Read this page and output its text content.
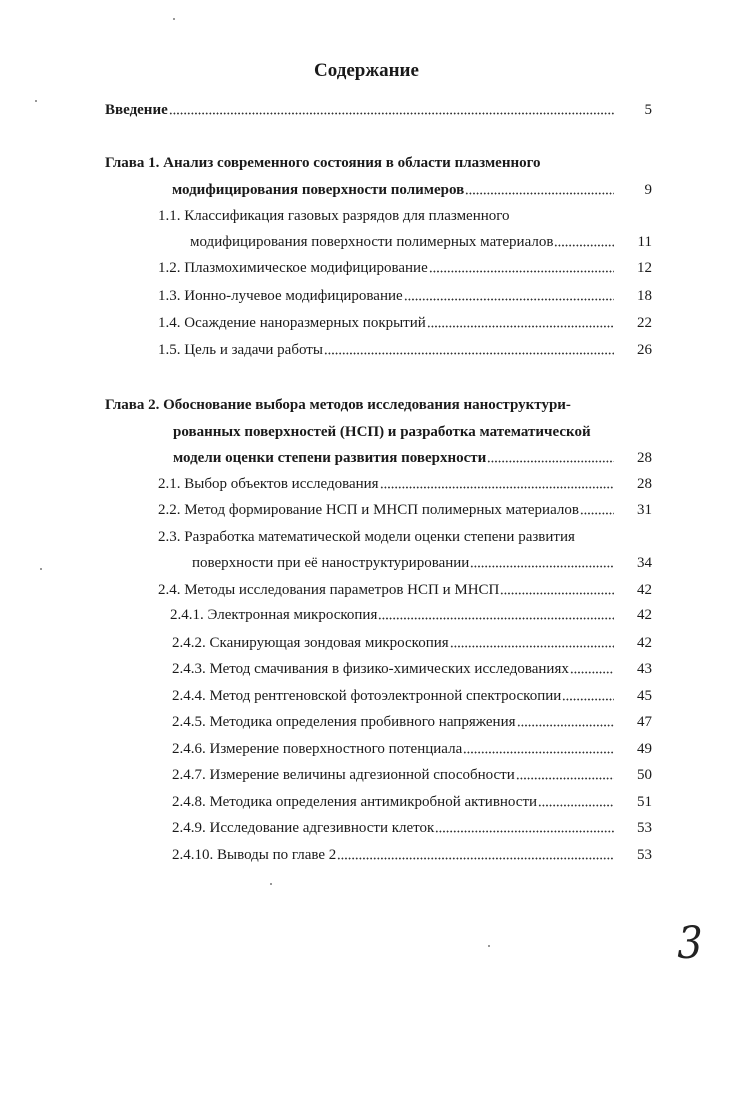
Содержание
Введение	5
Глава 1. Анализ современного состояния в области плазменного
модифицирования поверхности полимеров	9
1.1. Классификация газовых разрядов для плазменного
модифицирования поверхности полимерных материалов	11
1.2. Плазмохимическое модифицирование	12
1.3. Ионно-лучевое модифицирование	18
1.4. Осаждение наноразмерных покрытий	22
1.5. Цель и задачи работы	26
Глава 2. Обоснование выбора методов исследования наноструктури-
рованных поверхностей (НСП) и разработка математической
модели оценки степени развития поверхности	28
2.1. Выбор объектов исследования	28
2.2. Метод формирование НСП и МНСП полимерных материалов	31
2.3. Разработка математической модели оценки степени развития
поверхности при её наноструктурировании	34
2.4. Методы исследования параметров НСП и МНСП	42
2.4.1. Электронная микроскопия	42
2.4.2. Сканирующая зондовая микроскопия	42
2.4.3. Метод смачивания в физико-химических исследованиях	43
2.4.4. Метод рентгеновской фотоэлектронной спектроскопии	45
2.4.5. Методика определения пробивного напряжения	47
2.4.6. Измерение поверхностного потенциала	49
2.4.7. Измерение величины адгезионной способности	50
2.4.8. Методика определения антимикробной активности	51
2.4.9. Исследование адгезивности клеток	53
2.4.10. Выводы по главе 2	53
3
